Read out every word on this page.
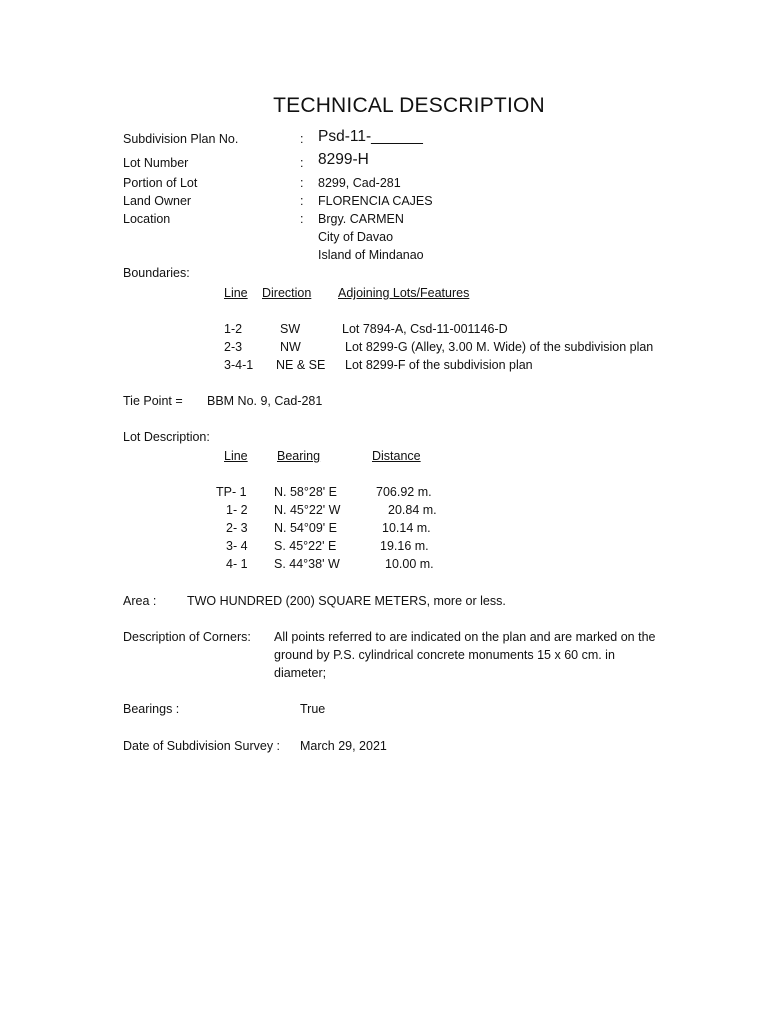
TECHNICAL DESCRIPTION
Subdivision Plan No.	: Psd-11-______
Lot Number	: 8299-H
Portion of Lot	: 8299, Cad-281
Land Owner	: FLORENCIA CAJES
Location	: Brgy. CARMEN
City of Davao
Island of Mindanao
Boundaries:
Line Direction Adjoining Lots/Features
1-2	SW	Lot 7894-A, Csd-11-001146-D
2-3	NW	Lot 8299-G (Alley, 3.00 M. Wide) of the subdivision plan
3-4-1 NE & SE Lot 8299-F of the subdivision plan
Tie Point = BBM No. 9, Cad-281
Lot Description:
Line Bearing	Distance
TP- 1 N. 58°28' E	706.92 m.
1- 2 N. 45°22' W	20.84 m.
2- 3 N. 54°09' E	10.14 m.
3- 4 S. 45°22' E	19.16 m.
4- 1 S. 44°38' W	10.00 m.
Area : TWO HUNDRED (200) SQUARE METERS, more or less.
Description of Corners: All points referred to are indicated on the plan and are marked on the
ground by P.S. cylindrical concrete monuments 15 x 60 cm. in
diameter;
Bearings :	True
Date of Subdivision Survey : March 29, 2021
